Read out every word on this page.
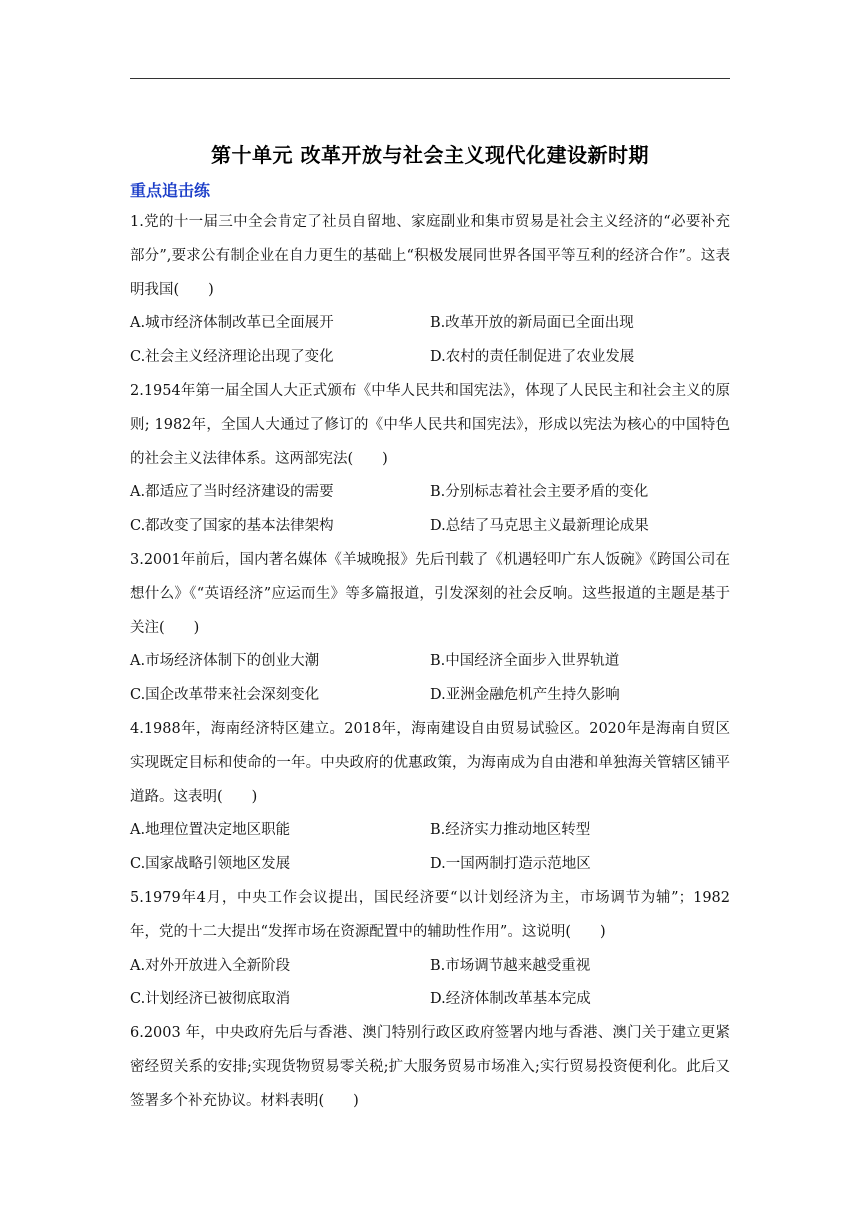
第十单元 改革开放与社会主义现代化建设新时期
重点追击练
1.党的十一届三中全会肯定了社员自留地、家庭副业和集市贸易是社会主义经济的“必要补充部分”,要求公有制企业在自力更生的基础上“积极发展同世界各国平等互利的经济合作”。这表明我国(　　)
A.城市经济体制改革已全面展开	B.改革开放的新局面已全面出现
C.社会主义经济理论出现了变化	D.农村的责任制促进了农业发展
2.1954年第一届全国人大正式颁布《中华人民共和国宪法》，体现了人民民主和社会主义的原则; 1982年，全国人大通过了修订的《中华人民共和国宪法》，形成以宪法为核心的中国特色的社会主义法律体系。这两部宪法(　　)
A.都适应了当时经济建设的需要	B.分别标志着社会主要矛盾的变化
C.都改变了国家的基本法律架构	D.总结了马克思主义最新理论成果
3.2001年前后，国内著名媒体《羊城晚报》先后刊载了《机遇轻叩广东人饭碗》《跨国公司在想什么》《“英语经济”应运而生》等多篇报道，引发深刻的社会反响。这些报道的主题是基于关注(　　)
A.市场经济体制下的创业大潮	B.中国经济全面步入世界轨道
C.国企改革带来社会深刻变化	D.亚洲金融危机产生持久影响
4.1988年，海南经济特区建立。2018年，海南建设自由贸易试验区。2020年是海南自贸区实现既定目标和使命的一年。中央政府的优惠政策，为海南成为自由港和单独海关管辖区铺平道路。这表明(　　)
A.地理位置决定地区职能	B.经济实力推动地区转型
C.国家战略引领地区发展	D.一国两制打造示范地区
5.1979年4月，中央工作会议提出，国民经济要“以计划经济为主，市场调节为辅”；1982年，党的十二大提出“发挥市场在资源配置中的辅助性作用”。这说明(　　)
A.对外开放进入全新阶段	B.市场调节越来越受重视
C.计划经济已被彻底取消	D.经济体制改革基本完成
6.2003 年，中央政府先后与香港、澳门特别行政区政府签署内地与香港、澳门关于建立更紧密经贸关系的安排;实现货物贸易零关税;扩大服务贸易市场准入;实行贸易投资便利化。此后又签署多个补充协议。材料表明(　　)
